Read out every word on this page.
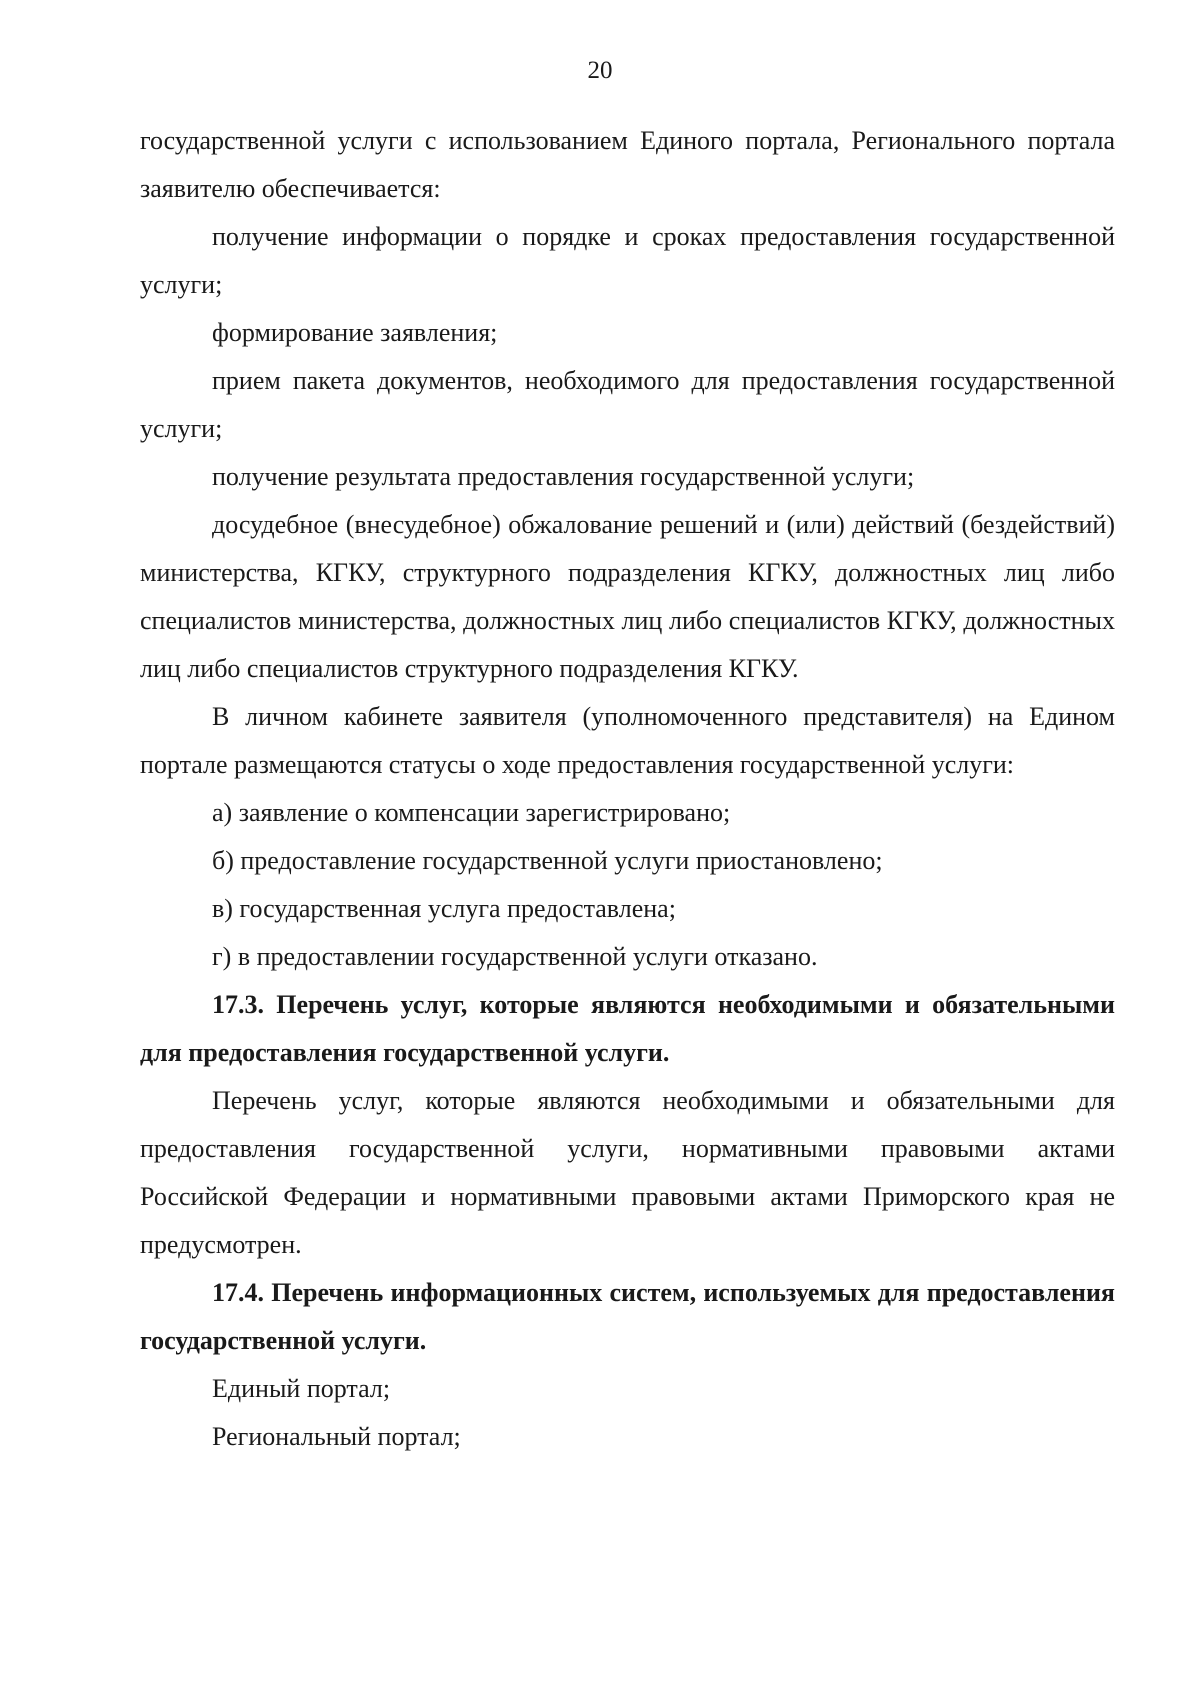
20

государственной услуги с использованием Единого портала, Регионального портала заявителю обеспечивается:

получение информации о порядке и сроках предоставления государственной услуги;

формирование заявления;

прием пакета документов, необходимого для предоставления государственной услуги;

получение результата предоставления государственной услуги;

досудебное (внесудебное) обжалование решений и (или) действий (бездействий) министерства, КГКУ, структурного подразделения КГКУ, должностных лиц либо специалистов министерства, должностных лиц либо специалистов КГКУ, должностных лиц либо специалистов структурного подразделения КГКУ.

В личном кабинете заявителя (уполномоченного представителя) на Едином портале размещаются статусы о ходе предоставления государственной услуги:

а) заявление о компенсации зарегистрировано;

б) предоставление государственной услуги приостановлено;

в) государственная услуга предоставлена;

г) в предоставлении государственной услуги отказано.

17.3. Перечень услуг, которые являются необходимыми и обязательными для предоставления государственной услуги.

Перечень услуг, которые являются необходимыми и обязательными для предоставления государственной услуги, нормативными правовыми актами Российской Федерации и нормативными правовыми актами Приморского края не предусмотрен.

17.4. Перечень информационных систем, используемых для предоставления государственной услуги.

Единый портал;

Региональный портал;
